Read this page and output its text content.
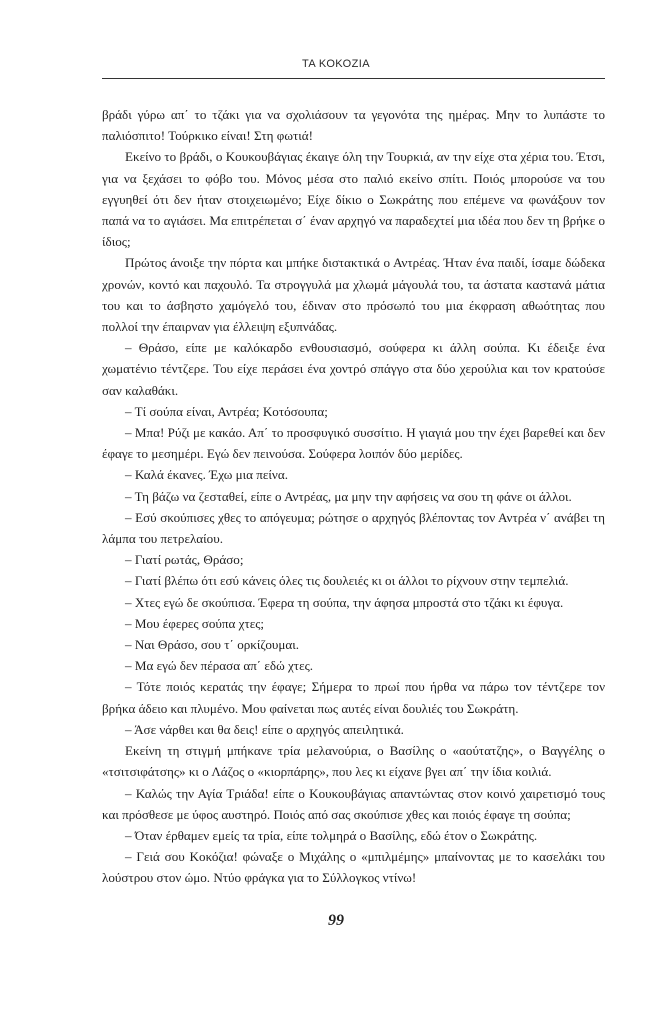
ΤΑ ΚΟΚΟΖΙΑ

βράδι γύρω απ΄ το τζάκι για να σχολιάσουν τα γεγονότα της ημέρας. Μην το λυπάστε το παλιόσπιτο! Τούρκικο είναι! Στη φωτιά!

Εκείνο το βράδι, ο Κουκουβάγιας έκαιγε όλη την Τουρκιά, αν την είχε στα χέρια του. Έτσι, για να ξεχάσει το φόβο του. Μόνος μέσα στο παλιό εκείνο σπίτι. Ποιός μπορούσε να του εγγυηθεί ότι δεν ήταν στοιχειωμένο; Είχε δίκιο ο Σωκράτης που επέμενε να φωνάξουν τον παπά να το αγιάσει. Μα επιτρέπεται σ΄ έναν αρχηγό να παραδεχτεί μια ιδέα που δεν τη βρήκε ο ίδιος;

Πρώτος άνοιξε την πόρτα και μπήκε διστακτικά ο Αντρέας. Ήταν ένα παιδί, ίσαμε δώδεκα χρονών, κοντό και παχουλό. Τα στρογγυλά μα χλωμά μάγουλά του, τα άστατα καστανά μάτια του και το άσβηστο χαμόγελό του, έδιναν στο πρόσωπό του μια έκφραση αθωότητας που πολλοί την έπαιρναν για έλλειψη εξυπνάδας.

– Θράσο, είπε με καλόκαρδο ενθουσιασμό, σούφερα κι άλλη σούπα. Κι έδειξε ένα χωματένιο τέντζερε. Του είχε περάσει ένα χοντρό σπάγγο στα δύο χερούλια και τον κρατούσε σαν καλαθάκι.

– Τί σούπα είναι, Αντρέα; Κοτόσουπα;

– Μπα! Ρύζι με κακάο. Απ΄ το προσφυγικό συσσίτιο. Η γιαγιά μου την έχει βαρεθεί και δεν έφαγε το μεσημέρι. Εγώ δεν πεινούσα. Σούφερα λοιπόν δύο μερίδες.

– Καλά έκανες. Έχω μια πείνα.

– Τη βάζω να ζεσταθεί, είπε ο Αντρέας, μα μην την αφήσεις να σου τη φάνε οι άλλοι.

– Εσύ σκούπισες χθες το απόγευμα; ρώτησε ο αρχηγός βλέποντας τον Αντρέα ν΄ ανάβει τη λάμπα του πετρελαίου.

– Γιατί ρωτάς, Θράσο;

– Γιατί βλέπω ότι εσύ κάνεις όλες τις δουλειές κι οι άλλοι το ρίχνουν στην τεμπελιά.

– Χτες εγώ δε σκούπισα. Έφερα τη σούπα, την άφησα μπροστά στο τζάκι κι έφυγα.

– Μου έφερες σούπα χτες;

– Ναι Θράσο, σου τ΄ ορκίζουμαι.

– Μα εγώ δεν πέρασα απ΄ εδώ χτες.

– Τότε ποιός κερατάς την έφαγε; Σήμερα το πρωί που ήρθα να πάρω τον τέντζερε τον βρήκα άδειο και πλυμένο. Μου φαίνεται πως αυτές είναι δουλιές του Σωκράτη.

– Άσε νάρθει και θα δεις! είπε ο αρχηγός απειλητικά.

Εκείνη τη στιγμή μπήκανε τρία μελανούρια, ο Βασίλης ο «αούτατζης», ο Βαγγέλης ο «τσιτσιφάτσης» κι ο Λάζος ο «κιορπάρης», που λες κι είχανε βγει απ΄ την ίδια κοιλιά.

– Καλώς την Αγία Τριάδα! είπε ο Κουκουβάγιας απαντώντας στον κοινό χαιρετισμό τους και πρόσθεσε με ύφος αυστηρό. Ποιός από σας σκούπισε χθες και ποιός έφαγε τη σούπα;

– Όταν έρθαμεν εμείς τα τρία, είπε τολμηρά ο Βασίλης, εδώ έτον ο Σωκράτης.

– Γειά σου Κοκόζια! φώναξε ο Μιχάλης ο «μπιλμέμης» μπαίνοντας με το κασελάκι του λούστρου στον ώμο. Ντύο φράγκα για το Σύλλογκος ντίνω!

99
